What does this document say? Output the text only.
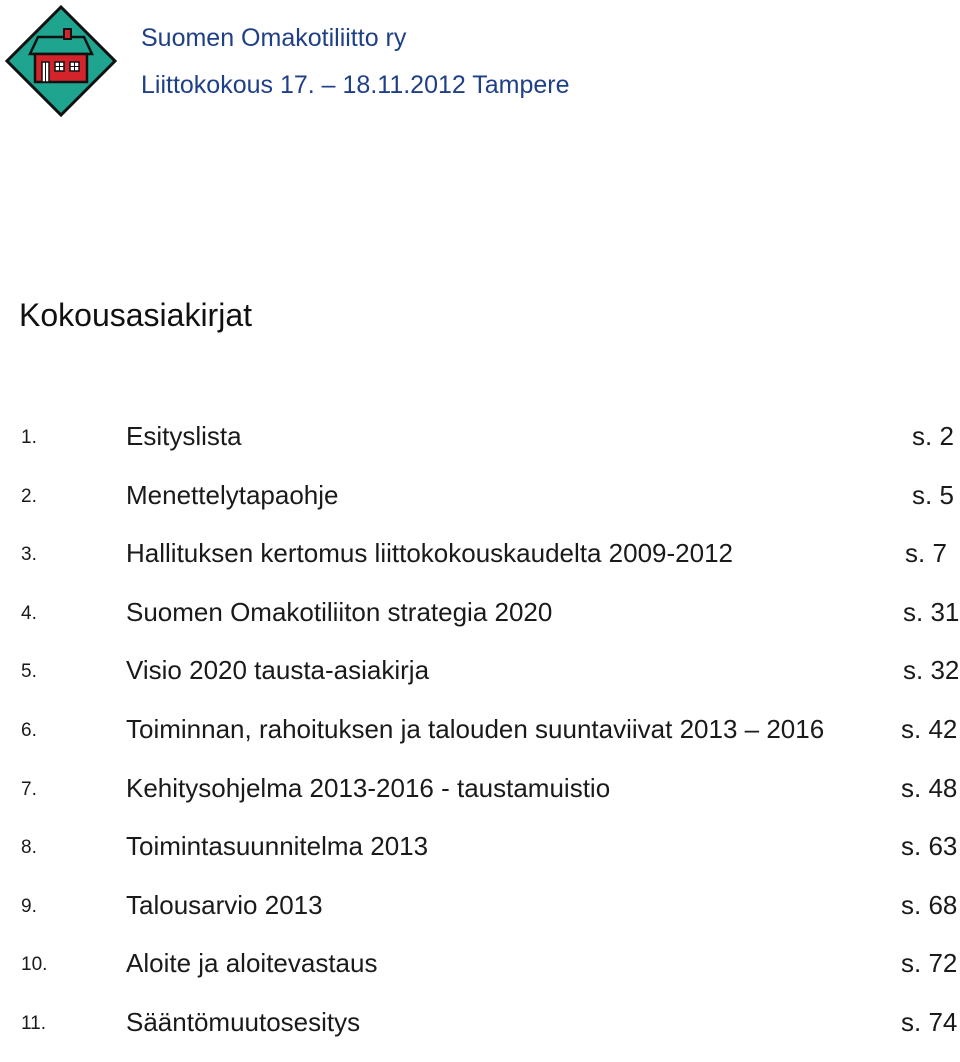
Suomen Omakotiliitto ry
Liittokokous 17. – 18.11.2012 Tampere
Kokousasiakirjat
1.	Esityslista	s. 2
2.	Menettelytapaohje	s. 5
3.	Hallituksen kertomus liittokokouskaudelta 2009-2012	s. 7
4.	Suomen Omakotiliiton strategia 2020	s. 31
5.	Visio 2020 tausta-asiakirja	s. 32
6.	Toiminnan, rahoituksen ja talouden suuntaviivat 2013 – 2016	s. 42
7.	Kehitysohjelma 2013-2016 - taustamuistio	s. 48
8.	Toimintasuunnitelma 2013	s. 63
9.	Talousarvio 2013	s. 68
10.	Aloite ja aloitevastaus	s. 72
11.	Sääntömuutosesitys	s. 74
